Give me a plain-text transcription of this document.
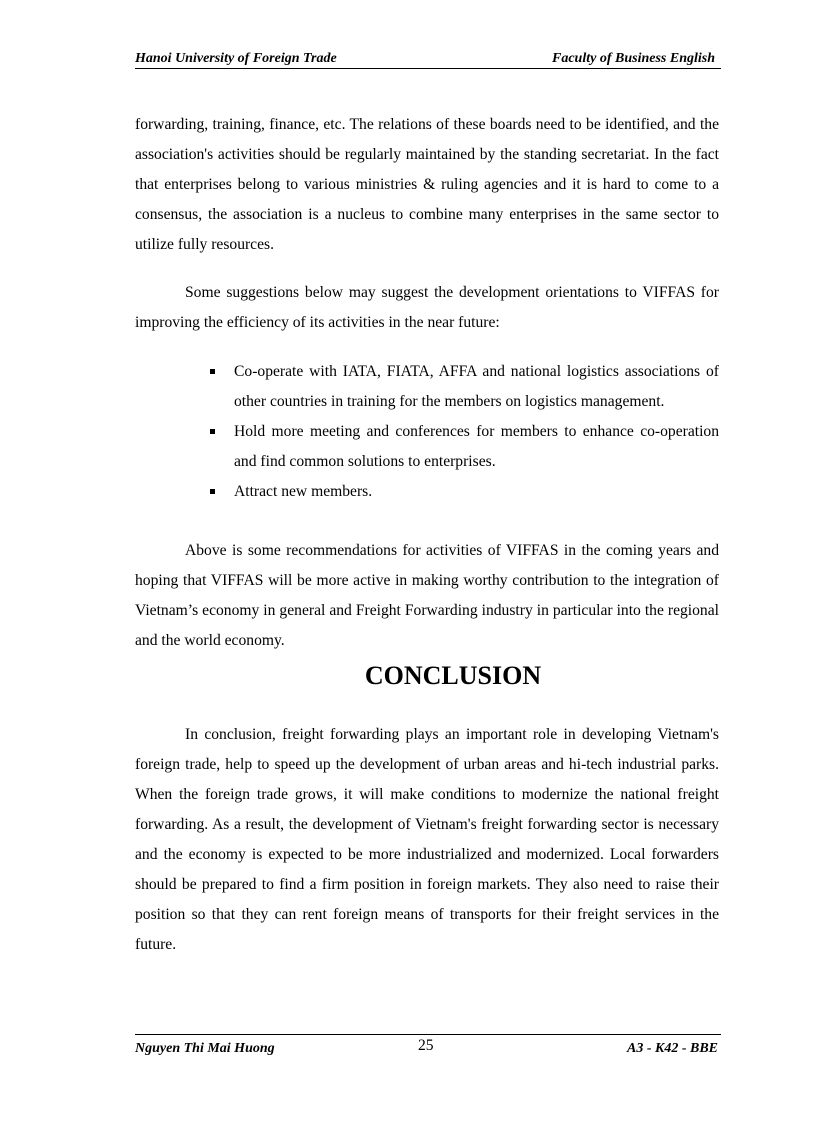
Hanoi University of Foreign Trade	Faculty of Business English

forwarding, training, finance, etc. The relations of these boards need to be identified, and the association's activities should be regularly maintained by the standing secretariat. In the fact that enterprises belong to various ministries & ruling agencies and it is hard to come to a consensus, the association is a nucleus to combine many enterprises in the same sector to utilize fully resources.

Some suggestions below may suggest the development orientations to VIFFAS for improving the efficiency of its activities in the near future:

Co-operate with IATA, FIATA, AFFA and national logistics associations of other countries in training for the members on logistics management.
Hold more meeting and conferences for members to enhance co-operation and find common solutions to enterprises.
Attract new members.

Above is some recommendations for activities of VIFFAS in the coming years and hoping that VIFFAS will be more active in making worthy contribution to the integration of Vietnam’s economy in general and Freight Forwarding industry in particular into the regional and the world economy.

CONCLUSION

In conclusion, freight forwarding plays an important role in developing Vietnam's foreign trade, help to speed up the development of urban areas and hi-tech industrial parks. When the foreign trade grows, it will make conditions to modernize the national freight forwarding. As a result, the development of Vietnam's freight forwarding sector is necessary and the economy is expected to be more industrialized and modernized. Local forwarders should be prepared to find a firm position in foreign markets. They also need to raise their position so that they can rent foreign means of transports for their freight services in the future.

Nguyen Thi Mai Huong	25	A3 - K42 - BBE
